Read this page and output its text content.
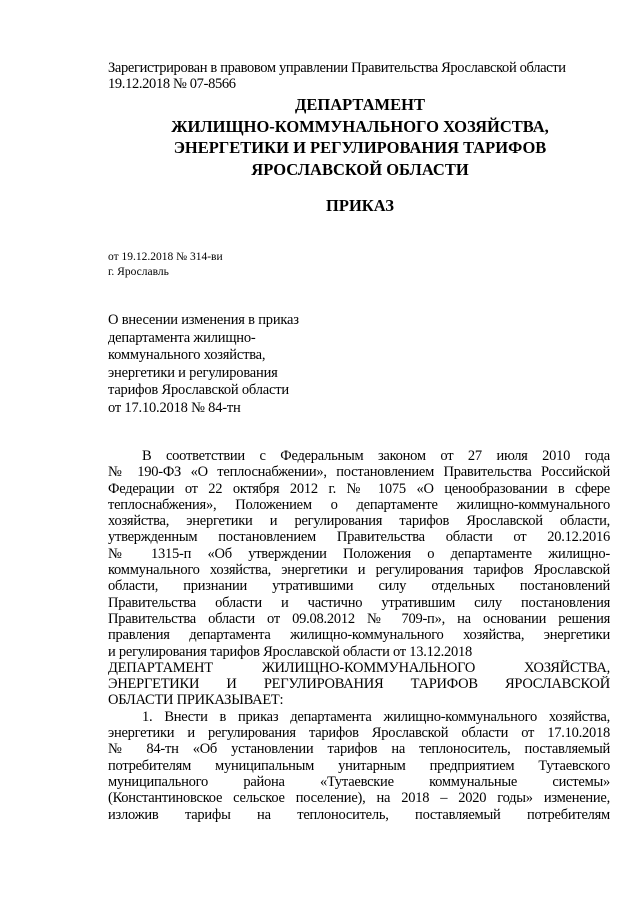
Зарегистрирован в правовом управлении Правительства Ярославской области
19.12.2018 № 07-8566
ДЕПАРТАМЕНТ
ЖИЛИЩНО-КОММУНАЛЬНОГО ХОЗЯЙСТВА,
ЭНЕРГЕТИКИ И РЕГУЛИРОВАНИЯ ТАРИФОВ
ЯРОСЛАВСКОЙ ОБЛАСТИ
ПРИКАЗ
от 19.12.2018 № 314-ви
г. Ярославль
О внесении изменения в приказ
департамента жилищно-
коммунального хозяйства,
энергетики и регулирования
тарифов Ярославской области
от 17.10.2018 № 84-тн
В соответствии с Федеральным законом от 27 июля 2010 года
№ 190-ФЗ «О теплоснабжении», постановлением Правительства Российской
Федерации от 22 октября 2012 г. № 1075 «О ценообразовании в сфере
теплоснабжения», Положением о департаменте жилищно-коммунального
хозяйства, энергетики и регулирования тарифов Ярославской области,
утвержденным постановлением Правительства области от 20.12.2016
№ 1315-п «Об утверждении Положения о департаменте жилищно-
коммунального хозяйства, энергетики и регулирования тарифов Ярославской
области, признании утратившими силу отдельных постановлений
Правительства области и частично утратившим силу постановления
Правительства области от 09.08.2012 № 709-п», на основании решения
правления департамента жилищно-коммунального хозяйства, энергетики
и регулирования тарифов Ярославской области от 13.12.2018
ДЕПАРТАМЕНТ ЖИЛИЩНО-КОММУНАЛЬНОГО ХОЗЯЙСТВА,
ЭНЕРГЕТИКИ И РЕГУЛИРОВАНИЯ ТАРИФОВ ЯРОСЛАВСКОЙ
ОБЛАСТИ ПРИКАЗЫВАЕТ:
1. Внести в приказ департамента жилищно-коммунального хозяйства,
энергетики и регулирования тарифов Ярославской области от 17.10.2018
№ 84-тн «Об установлении тарифов на теплоноситель, поставляемый
потребителям муниципальным унитарным предприятием Тутаевского
муниципального района «Тутаевские коммунальные системы»
(Константиновское сельское поселение), на 2018 – 2020 годы» изменение,
изложив тарифы на теплоноситель, поставляемый потребителям
